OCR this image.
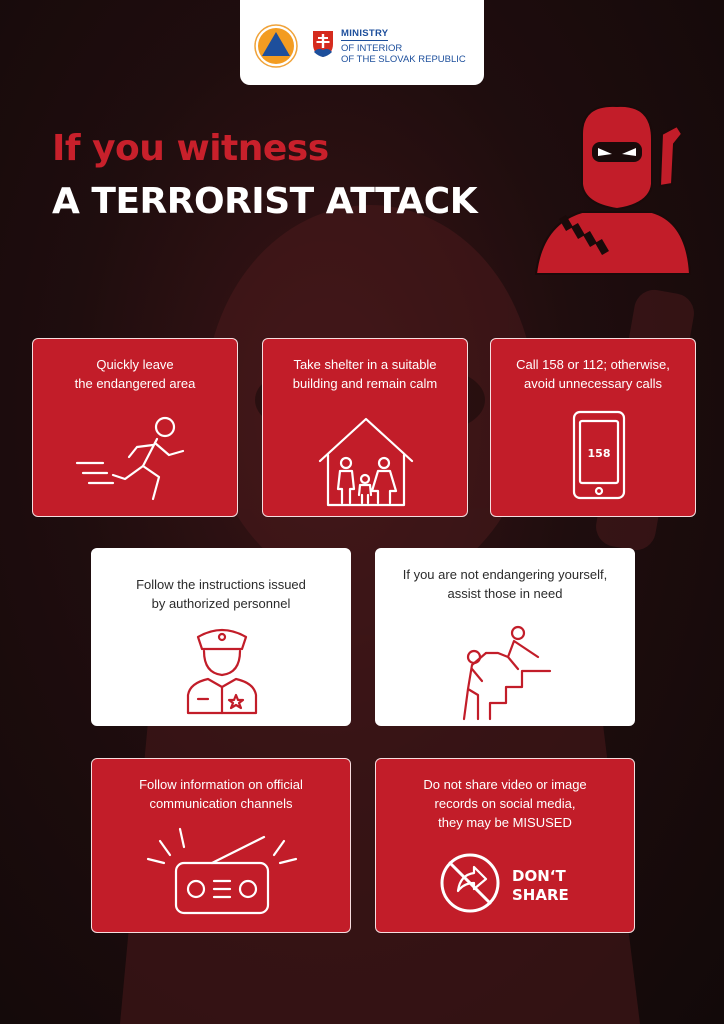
MINISTRY
OF INTERIOR
OF THE SLOVAK REPUBLIC
If you witness
A TERRORIST ATTACK
Quickly leave
the endangered area
Take shelter in a suitable
building and remain calm
Call 158 or 112; otherwise,
avoid unnecessary calls
158
Follow the instructions issued
by authorized personnel
If you are not endangering yourself,
assist those in need
Follow information on official
communication channels
Do not share video or image
records on social media,
they may be MISUSED
DON‘T
SHARE
